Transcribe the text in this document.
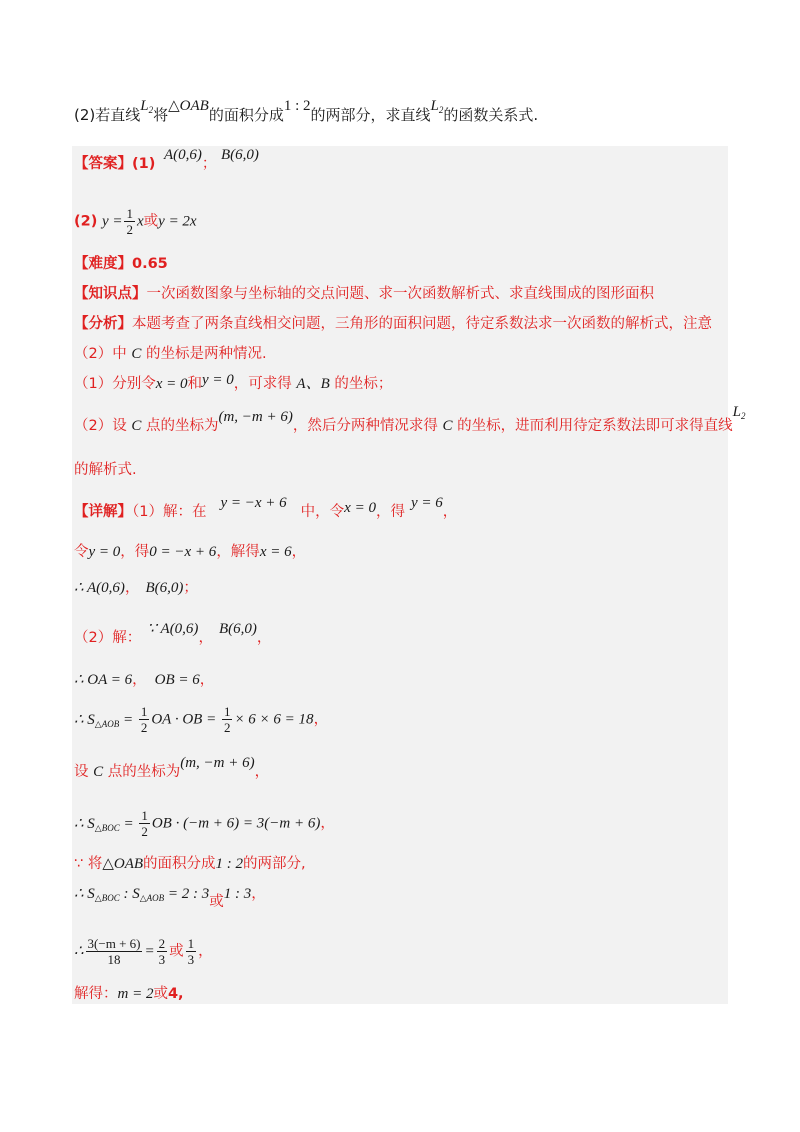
(2)若直线$L_2$将△OAB的面积分成1 : 2的两部分，求直线$L_2$的函数关系式.
【答案】(1) A(0,6)； B(6,0)
(2) $y = \frac{1}{2}$ x或y = 2x
【难度】0.65
【知识点】一次函数图象与坐标轴的交点问题、求一次函数解析式、求直线围成的图形面积
【分析】本题考查了两条直线相交问题，三角形的面积问题，待定系数法求一次函数的解析式，注意
（2）中 C 的坐标是两种情况.
（1）分别令x = 0和y = 0，可求得 A、B 的坐标；
（2）设 C 点的坐标为(m, −m + 6)，然后分两种情况求得 C 的坐标，进而利用待定系数法即可求得直线$L_2$
的解析式.
【详解】（1）解：在y = −x + 6中，令x = 0，得y = 6，
令y = 0，得0 = −x + 6，解得x = 6，
∴ A(0,6)， B(6,0)；
（2）解：∵ A(0,6)，B(6,0)，
∴ OA = 6， OB = 6，
∴ $S_{\triangle AOB} = \frac{1}{2}$ OA · OB = $\frac{1}{2} \times 6 \times 6 = 18$，
设 C 点的坐标为(m, −m + 6)，
∴ $S_{\triangle BOC} = \frac{1}{2}$ OB · (−m + 6) = 3(−m + 6)，
∵ 将△OAB的面积分成1 : 2的两部分,
∴ $S_{\triangle BOC}$ : $S_{\triangle AOB} = 2$ : 3或1 : 3，
∴ $\frac{3(-m + 6)}{18} = \frac{2}{3}$ 或 $\frac{1}{3}$ ，
解得：m = 2或4,
